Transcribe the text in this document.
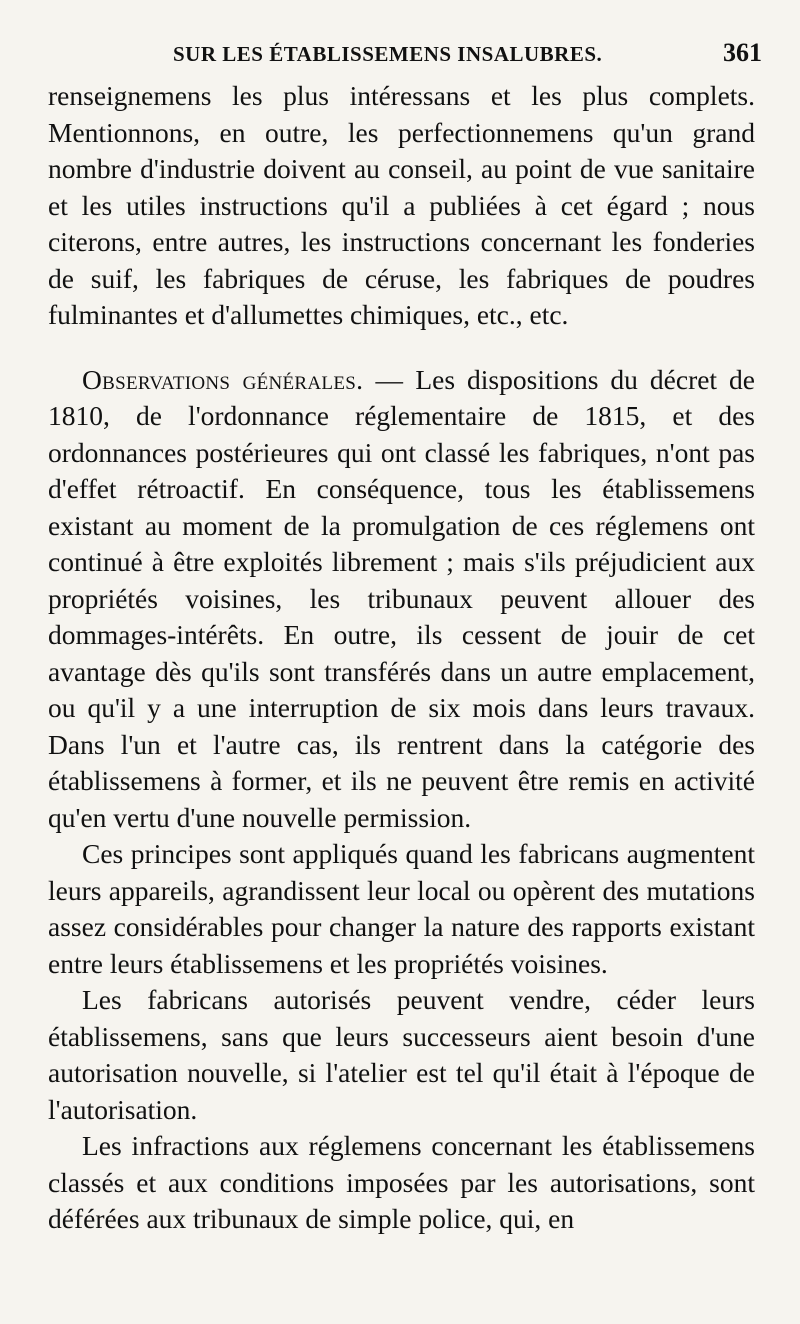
SUR LES ÉTABLISSEMENS INSALUBRES.	361

renseignemens les plus intéressans et les plus complets. Mentionnons, en outre, les perfectionnemens qu'un grand nombre d'industrie doivent au conseil, au point de vue sanitaire et les utiles instructions qu'il a publiées à cet égard ; nous citerons, entre autres, les instructions concernant les fonderies de suif, les fabriques de céruse, les fabriques de poudres fulminantes et d'allumettes chimiques, etc., etc.

Observations générales. — Les dispositions du décret de 1810, de l'ordonnance réglementaire de 1815, et des ordonnances postérieures qui ont classé les fabriques, n'ont pas d'effet rétroactif. En conséquence, tous les établissemens existant au moment de la promulgation de ces réglemens ont continué à être exploités librement ; mais s'ils préjudicient aux propriétés voisines, les tribunaux peuvent allouer des dommages-intérêts. En outre, ils cessent de jouir de cet avantage dès qu'ils sont transférés dans un autre emplacement, ou qu'il y a une interruption de six mois dans leurs travaux. Dans l'un et l'autre cas, ils rentrent dans la catégorie des établissemens à former, et ils ne peuvent être remis en activité qu'en vertu d'une nouvelle permission.

Ces principes sont appliqués quand les fabricans augmentent leurs appareils, agrandissent leur local ou opèrent des mutations assez considérables pour changer la nature des rapports existant entre leurs établissemens et les propriétés voisines.

Les fabricans autorisés peuvent vendre, céder leurs établissemens, sans que leurs successeurs aient besoin d'une autorisation nouvelle, si l'atelier est tel qu'il était à l'époque de l'autorisation.

Les infractions aux réglemens concernant les établissemens classés et aux conditions imposées par les autorisations, sont déférées aux tribunaux de simple police, qui, en
